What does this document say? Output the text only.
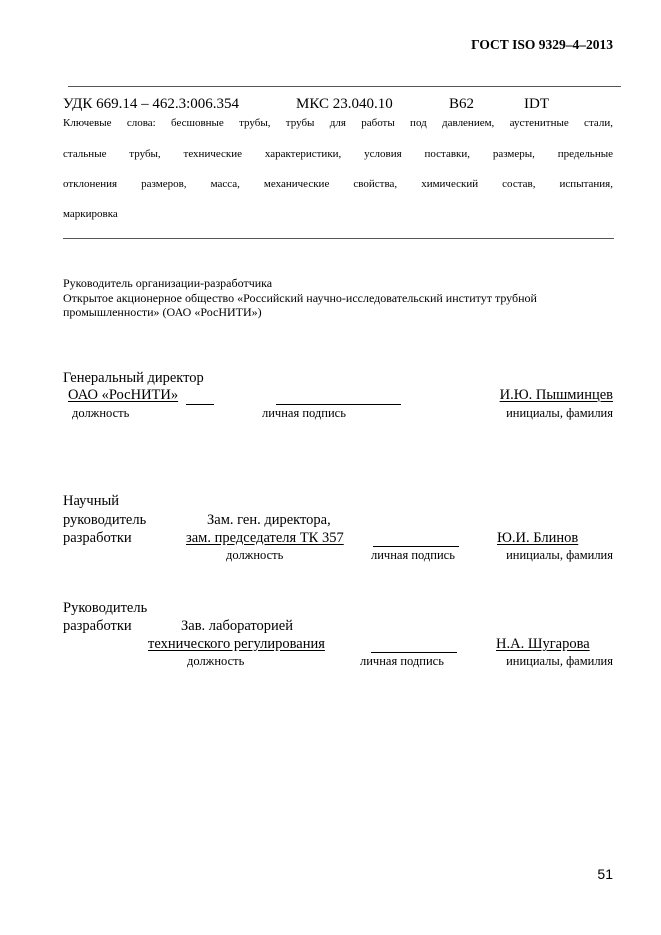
ГОСТ ISO 9329–4–2013
УДК 669.14 – 462.3:006.354	МКС 23.040.10	В62	IDT
Ключевые слова: бесшовные трубы, трубы для работы под давлением, аустенитные стали,
стальные трубы, технические характеристики, условия поставки, размеры, предельные
отклонения размеров, масса, механические свойства, химический состав, испытания,
маркировка
Руководитель организации-разработчика
Открытое акционерное общество «Российский научно-исследовательский институт трубной
промышленности» (ОАО «РосНИТИ»)
Генеральный директор
ОАО «РосНИТИ»	И.Ю. Пышминцев
должность	личная подпись	инициалы, фамилия
Научный
руководитель
разработки
Зам. ген. директора,
зам. председателя ТК 357	Ю.И. Блинов
должность	личная подпись	инициалы, фамилия
Руководитель
разработки	Зав. лабораторией
технического регулирования	Н.А. Шугарова
должность	личная подпись	инициалы, фамилия
51
